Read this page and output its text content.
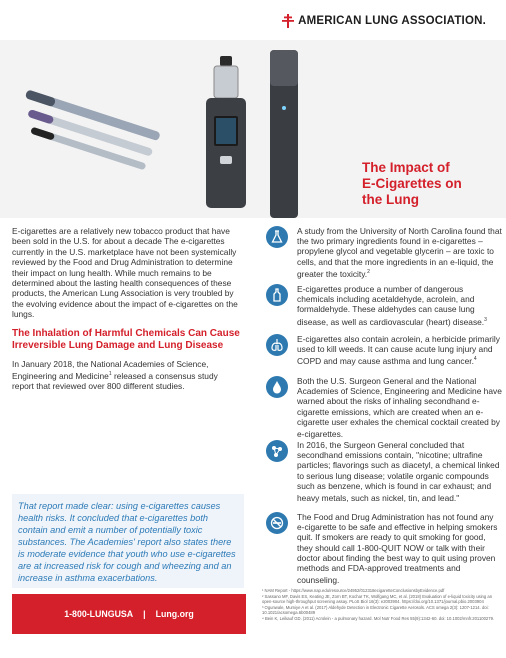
AMERICAN LUNG ASSOCIATION.
The Impact of
E-Cigarettes on
the Lung

E-cigarettes are a relatively new tobacco product that have been sold in the U.S. for about a decade The e-cigarettes currently in the U.S. marketplace have not been systemically reviewed by the Food and Drug Administration to determine their impact on lung health. While much remains to be determined about the lasting health consequences of these products, the American Lung Association is very troubled by the evolving evidence about the impact of e-cigarettes on the lungs.

The Inhalation of Harmful Chemicals Can Cause
Irreversible Lung Damage and Lung Disease

In January 2018, the National Academies of Science, Engineering and Medicine$^1$ released a consensus study report that reviewed over 800 different studies.

That report made clear: using e-cigarettes causes health risks. It concluded that e-cigarettes both contain and emit a number of potentially toxic substances. The Academies' report also states there is moderate evidence that youth who use e-cigarettes are at increased risk for cough and wheezing and an increase in asthma exacerbations.

1-800-LUNGUSA | Lung.org
A study from the University of North Carolina found that the two primary ingredients found in e-cigarettes – propylene glycol and vegetable glycerin – are toxic to cells, and that the more ingredients in an e-liquid, the greater the toxicity.$^2$
E-cigarettes produce a number of dangerous chemicals including acetaldehyde, acrolein, and formaldehyde. These aldehydes can cause lung disease, as well as cardiovascular (heart) disease.$^3$
E-cigarettes also contain acrolein, a herbicide primarily used to kill weeds. It can cause acute lung injury and COPD and may cause asthma and lung cancer.$^4$
Both the U.S. Surgeon General and the National Academies of Science, Engineering and Medicine have warned about the risks of inhaling secondhand e-cigarette emissions, which are created when an e-cigarette user exhales the chemical cocktail created by e-cigarettes.
In 2016, the Surgeon General concluded that secondhand emissions contain, "nicotine; ultrafine particles; flavorings such as diacetyl, a chemical linked to serious lung disease; volatile organic compounds such as benzene, which is found in car exhaust; and heavy metals, such as nickel, tin, and lead."
The Food and Drug Administration has not found any e-cigarette to be safe and effective in helping smokers quit. If smokers are ready to quit smoking for good, they should call 1-800-QUIT NOW or talk with their doctor about finding the best way to quit using proven methods and FDA-approved treatments and counseling.
¹ NAM Report - https://www.nap.edu/resource/24952/012318ecigaretteConclusionsbyEvidence.pdf
² Sassano MF, Davis ES, Keating JE, Zorn BT, Kochar TK, Wolfgang MC, et al. (2018) Evaluation of e-liquid toxicity using an open-source high-throughput screening assay. PLoS Biol 16(3): e2003904. https://doi.org/10.1371/journal.pbio.2003904
³ Ogunwale, Mumiye A et al. (2017) Aldehyde Detection in Electronic Cigarette Aerosols. ACS omega 2(3): 1207-1214. doi: 10.1021/acsomega.6b00489
⁴ Bein K, Leikauf GD. (2011) Acrolein - a pulmonary hazard. Mol Nutr Food Res 55(9):1342-60. doi: 10.1002/mnfr.201100279.
